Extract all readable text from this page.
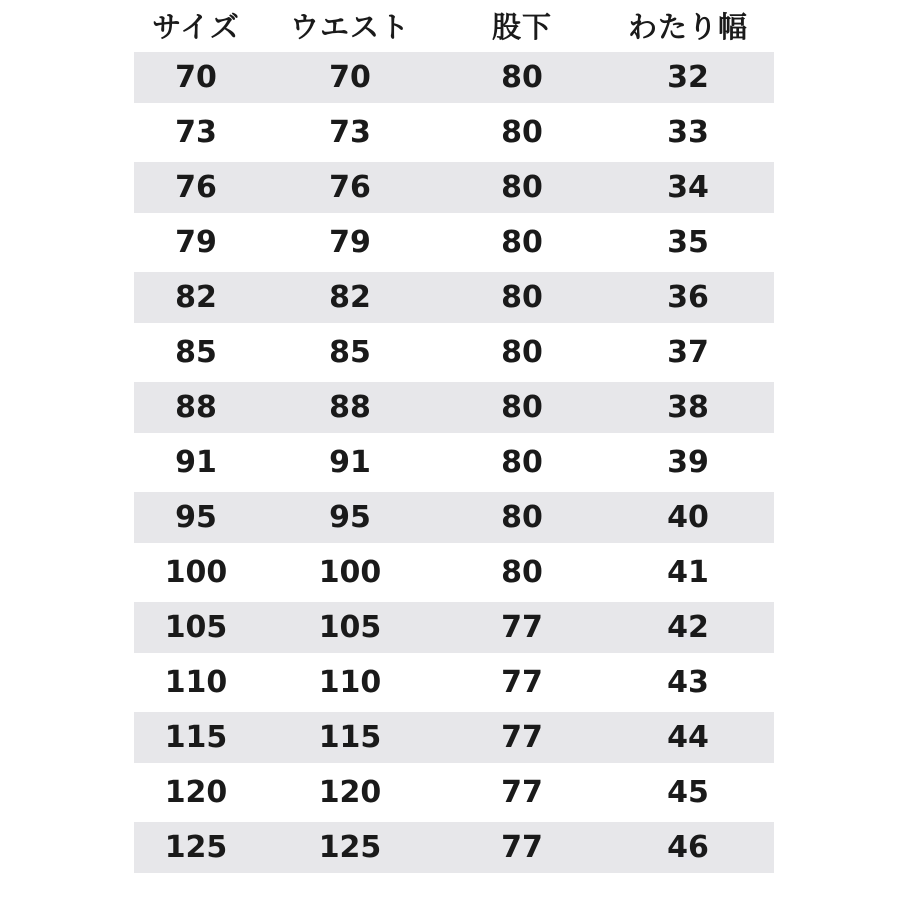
サイズ	ウエスト	股下	わたり幅
70	70	80	32
73	73	80	33
76	76	80	34
79	79	80	35
82	82	80	36
85	85	80	37
88	88	80	38
91	91	80	39
95	95	80	40
100	100	80	41
105	105	77	42
110	110	77	43
115	115	77	44
120	120	77	45
125	125	77	46
